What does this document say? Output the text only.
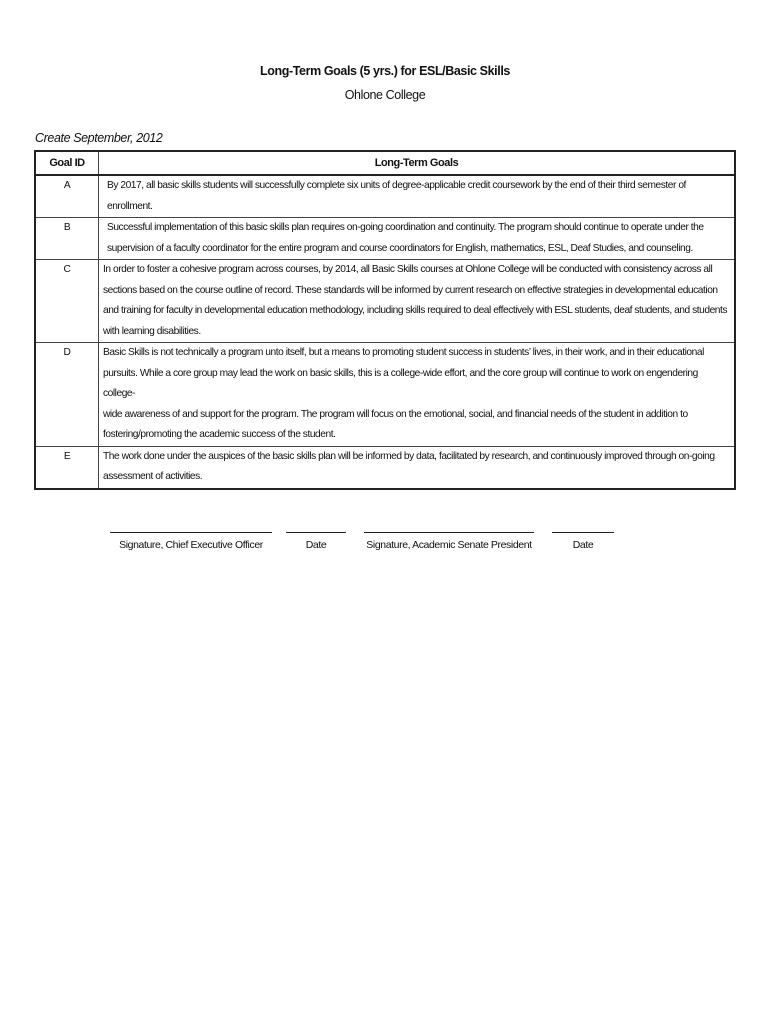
Long-Term Goals (5 yrs.) for ESL/Basic Skills
Ohlone College
Create September, 2012
Goal ID	Long-Term Goals
A	By 2017, all basic skills students will successfully complete six units of degree-applicable credit coursework by the end of their third semester of enrollment.

B	Successful implementation of this basic skills plan requires on-going coordination and continuity. The program should continue to operate under the
supervision of a faculty coordinator for the entire program and course coordinators for English, mathematics, ESL, Deaf Studies, and counseling.

C	In order to foster a cohesive program across courses, by 2014, all Basic Skills courses at Ohlone College will be conducted with consistency across all
sections based on the course outline of record. These standards will be informed by current research on effective strategies in developmental education
and training for faculty in developmental education methodology, including skills required to deal effectively with ESL students, deaf students, and students
with learning disabilities.

D	Basic Skills is not technically a program unto itself, but a means to promoting student success in students’ lives, in their work, and in their educational
pursuits. While a core group may lead the work on basic skills, this is a college-wide effort, and the core group will continue to work on engendering college-
wide awareness of and support for the program. The program will focus on the emotional, social, and financial needs of the student in addition to
fostering/promoting the academic success of the student.

E	The work done under the auspices of the basic skills plan will be informed by data, facilitated by research, and continuously improved through on-going
assessment of activities.
Signature, Chief Executive Officer	Date	Signature, Academic Senate President	Date
